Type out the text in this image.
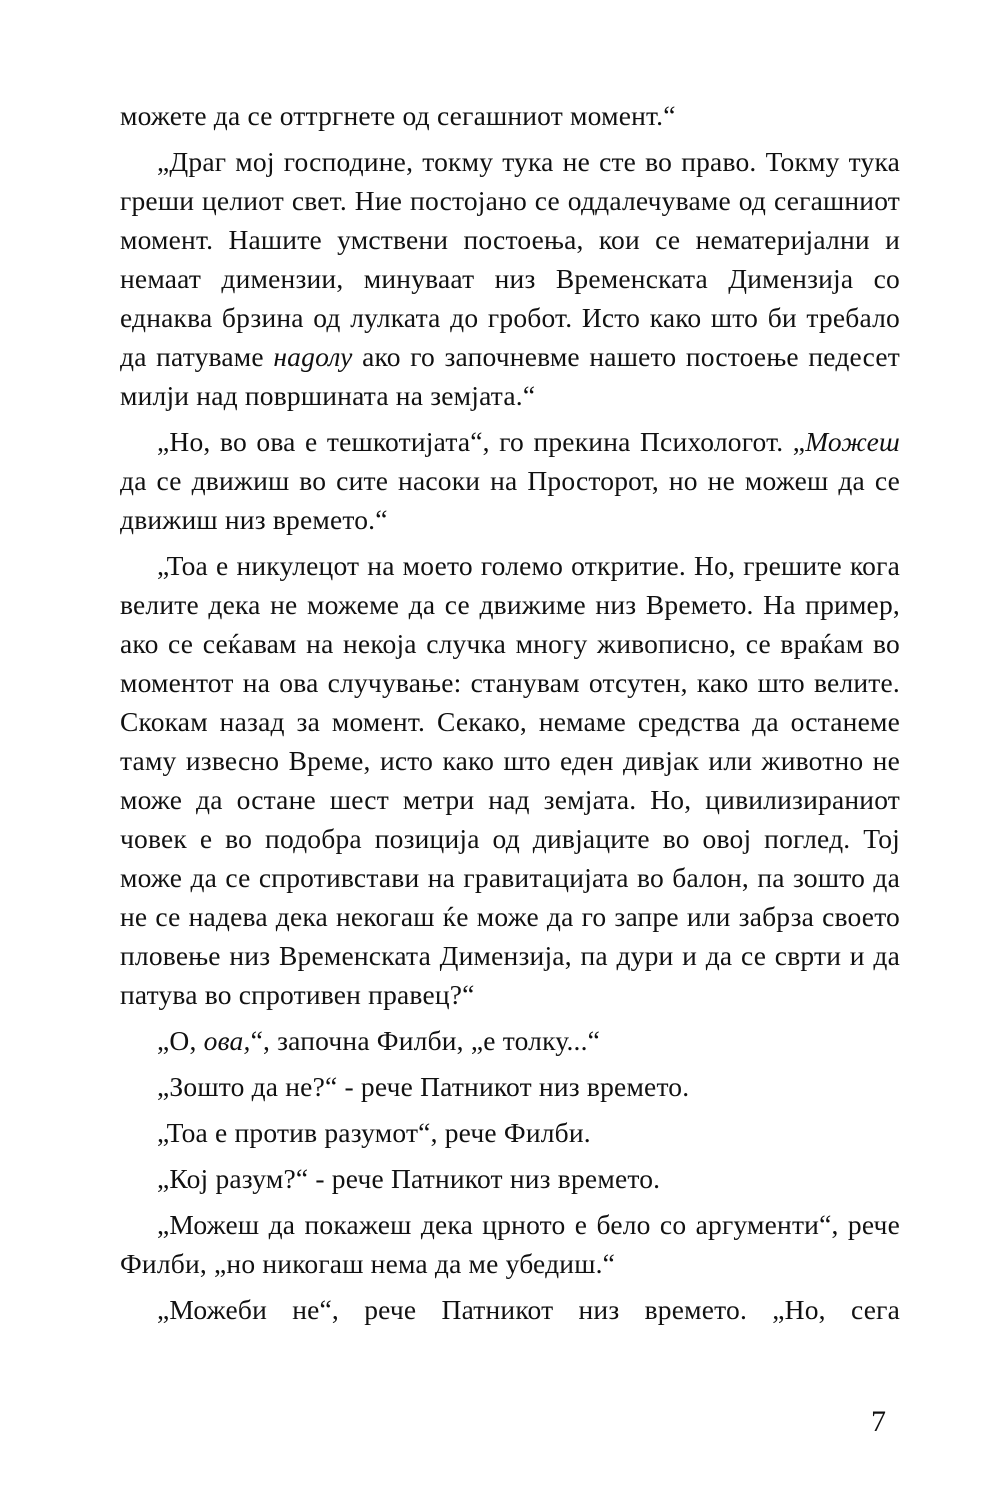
можете да се оттргнете од сегашниот момент.“

„Драг мој господине, токму тука не сте во право. Токму тука греши целиот свет. Ние постојано се оддалечуваме од сегашниот момент. Нашите умствени постоења, кои се нематеријални и немаат димензии, минуваат низ Временската Димензија со еднаква брзина од лулката до гробот. Исто како што би требало да патуваме надолу ако го започневме нашето постоење педесет милји над површината на земјата.“

„Но, во ова е тешкотијата“, го прекина Психологот. „Можеш да се движиш во сите насоки на Просторот, но не можеш да се движиш низ времето.“

„Тоа е никулецот на моето големо откритие. Но, грешите кога велите дека не можеме да се движиме низ Времето. На пример, ако се сеќавам на некоја случка многу живописно, се враќам во моментот на ова случување: станувам отсутен, како што велите. Скокам назад за момент. Секако, немаме средства да останеме таму извесно Време, исто како што еден дивјак или животно не може да остане шест метри над земјата. Но, цивилизираниот човек е во подобра позиција од дивјаците во овој поглед. Тој може да се спротивстави на гравитацијата во балон, па зошто да не се надева дека некогаш ќе може да го запре или забрза своето пловење низ Временската Димензија, па дури и да се сврти и да патува во спротивен правец?“

„О, ова,“, започна Филби, „е толку...“

„Зошто да не?“ - рече Патникот низ времето.

„Тоа е против разумот“, рече Филби.

„Кој разум?“ - рече Патникот низ времето.

„Можеш да покажеш дека црното е бело со аргументи“, рече Филби, „но никогаш нема да ме убедиш.“

„Можеби не“, рече Патникот низ времето. „Но, сега

7
